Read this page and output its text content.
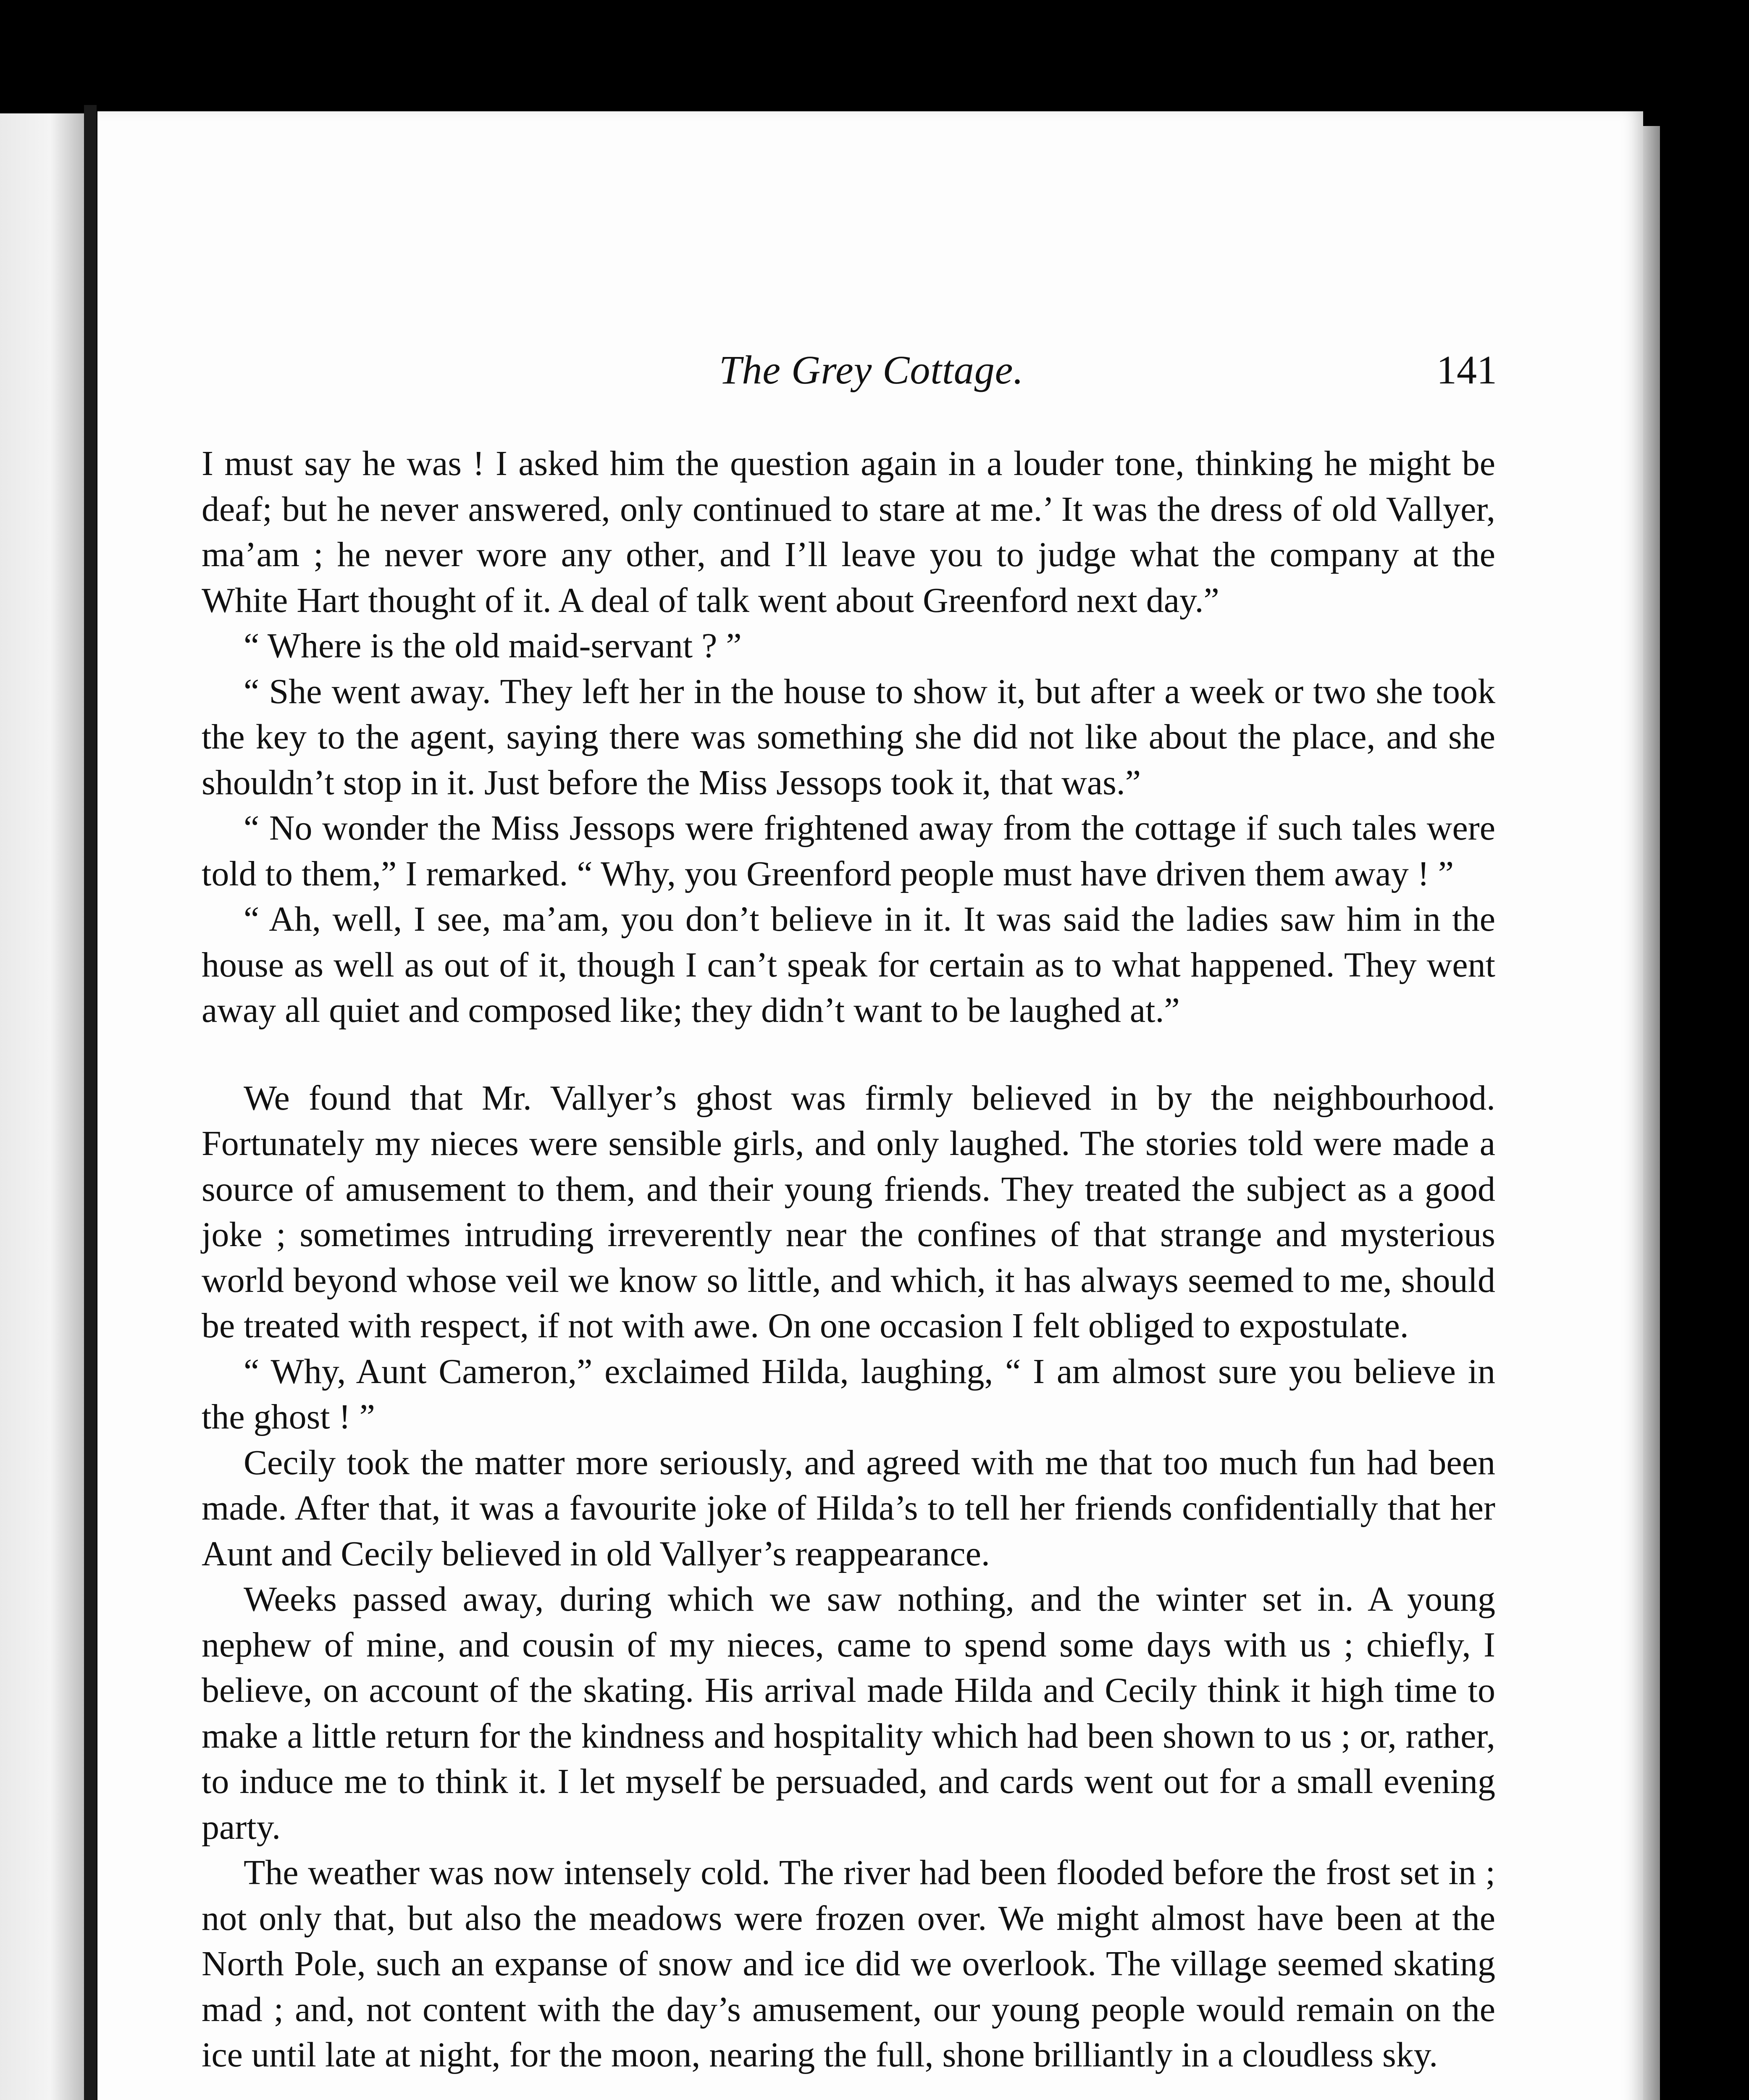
The Grey Cottage.	141

I must say he was ! I asked him the question again in a louder tone, thinking he might be deaf; but he never answered, only continued to stare at me.’ It was the dress of old Vallyer, ma’am ; he never wore any other, and I’ll leave you to judge what the company at the White Hart thought of it. A deal of talk went about Greenford next day.”

“ Where is the old maid-servant ? ”

“ She went away. They left her in the house to show it, but after a week or two she took the key to the agent, saying there was something she did not like about the place, and she shouldn’t stop in it. Just before the Miss Jessops took it, that was.”

“ No wonder the Miss Jessops were frightened away from the cottage if such tales were told to them,” I remarked. “ Why, you Greenford people must have driven them away ! ”

“ Ah, well, I see, ma’am, you don’t believe in it. It was said the ladies saw him in the house as well as out of it, though I can’t speak for certain as to what happened. They went away all quiet and composed like; they didn’t want to be laughed at.”

We found that Mr. Vallyer’s ghost was firmly believed in by the neighbourhood. Fortunately my nieces were sensible girls, and only laughed. The stories told were made a source of amusement to them, and their young friends. They treated the subject as a good joke ; sometimes intruding irreverently near the confines of that strange and mysterious world beyond whose veil we know so little, and which, it has always seemed to me, should be treated with respect, if not with awe. On one occasion I felt obliged to expostulate.

“ Why, Aunt Cameron,” exclaimed Hilda, laughing, “ I am almost sure you believe in the ghost ! ”

Cecily took the matter more seriously, and agreed with me that too much fun had been made. After that, it was a favourite joke of Hilda’s to tell her friends confidentially that her Aunt and Cecily believed in old Vallyer’s reappearance.

Weeks passed away, during which we saw nothing, and the winter set in. A young nephew of mine, and cousin of my nieces, came to spend some days with us ; chiefly, I believe, on account of the skating. His arrival made Hilda and Cecily think it high time to make a little return for the kindness and hospitality which had been shown to us ; or, rather, to induce me to think it. I let myself be persuaded, and cards went out for a small evening party.

The weather was now intensely cold. The river had been flooded before the frost set in ; not only that, but also the meadows were frozen over. We might almost have been at the North Pole, such an expanse of snow and ice did we overlook. The village seemed skating mad ; and, not content with the day’s amusement, our young people would remain on the ice until late at night, for the moon, nearing the full, shone brilliantly in a cloudless sky.
